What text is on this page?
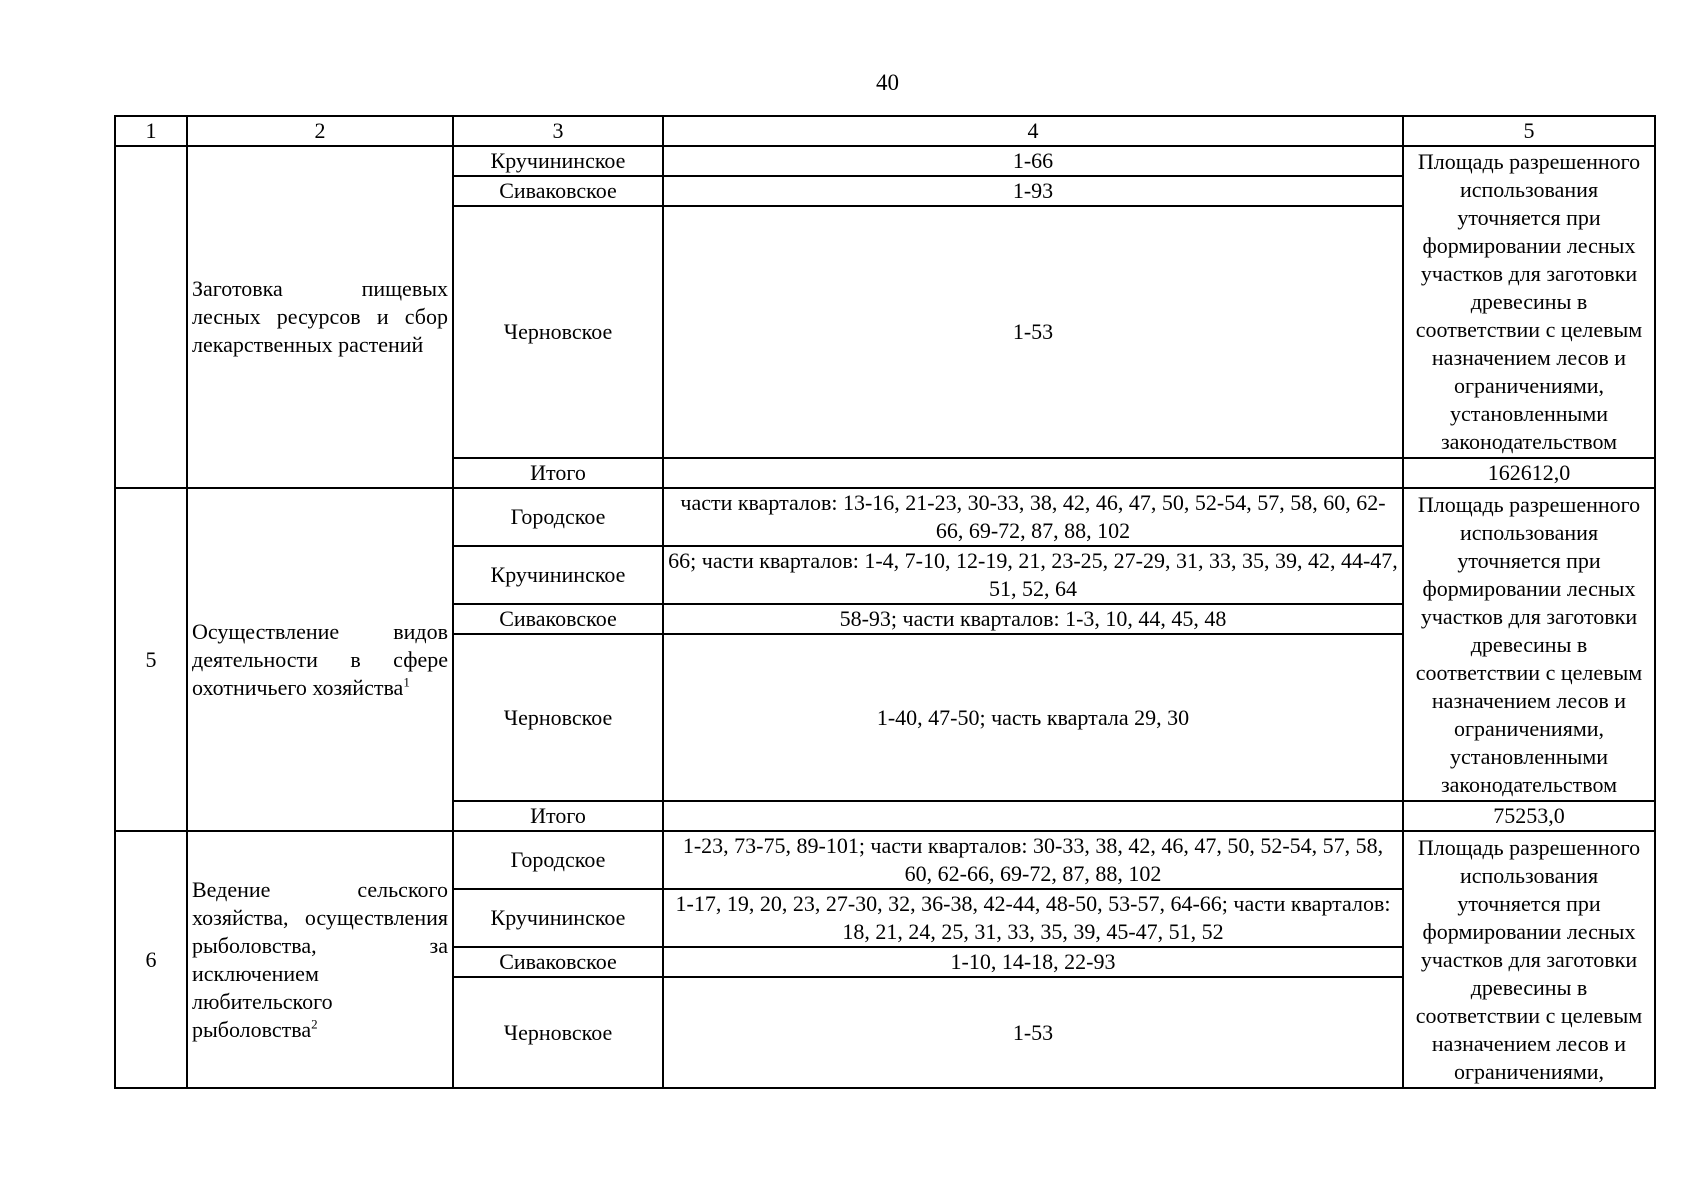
40
1	2	3	4	5
	Заготовка пищевых лесных ресурсов и сбор лекарственных растений	Кручининское	1-66	Площадь разрешенного использования уточняется при формировании лесных участков для заготовки древесины в соответствии с целевым назначением лесов и ограничениями, установленными законодательством
		Сиваковское	1-93	
		Черновское	1-53	
		Итого		162612,0
5	Осуществление видов деятельности в сфере охотничьего хозяйства$^1$	Городское	части кварталов: 13-16, 21-23, 30-33, 38, 42, 46, 47, 50, 52-54, 57, 58, 60, 62-66, 69-72, 87, 88, 102	Площадь разрешенного использования уточняется при формировании лесных участков для заготовки древесины в соответствии с целевым назначением лесов и ограничениями, установленными законодательством
		Кручининское	66; части кварталов: 1-4, 7-10, 12-19, 21, 23-25, 27-29, 31, 33, 35, 39, 42, 44-47, 51, 52, 64	
		Сиваковское	58-93; части кварталов: 1-3, 10, 44, 45, 48	
		Черновское	1-40, 47-50; часть квартала 29, 30	
		Итого		75253,0
6	Ведение сельского хозяйства, осуществления рыболовства, за исключением любительского рыболовства$^2$	Городское	1-23, 73-75, 89-101; части кварталов: 30-33, 38, 42, 46, 47, 50, 52-54, 57, 58, 60, 62-66, 69-72, 87, 88, 102	Площадь разрешенного использования уточняется при формировании лесных участков для заготовки древесины в соответствии с целевым назначением лесов и ограничениями,
		Кручининское	1-17, 19, 20, 23, 27-30, 32, 36-38, 42-44, 48-50, 53-57, 64-66; части кварталов: 18, 21, 24, 25, 31, 33, 35, 39, 45-47, 51, 52	
		Сиваковское	1-10, 14-18, 22-93	
		Черновское	1-53	
